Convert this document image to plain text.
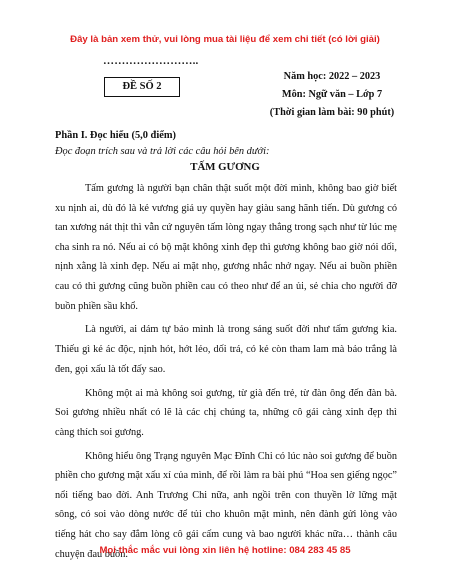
Đây là bản xem thử, vui lòng mua tài liệu để xem chi tiết (có lời giải)
……………………..
ĐỀ SỐ 2
Năm học: 2022 – 2023
Môn: Ngữ văn – Lớp 7
(Thời gian làm bài: 90 phút)
Phần I. Đọc hiểu (5,0 điểm)
Đọc đoạn trích sau và trả lời các câu hỏi bên dưới:
TẤM GƯƠNG

Tấm gương là người bạn chân thật suốt một đời mình, không bao giờ biết xu nịnh ai, dù đó là kẻ vương giả uy quyền hay giàu sang hãnh tiến. Dù gương có tan xương nát thịt thì vẫn cứ nguyên tấm lòng ngay thẳng trong sạch như từ lúc mẹ cha sinh ra nó. Nếu ai có bộ mặt không xinh đẹp thì gương không bao giờ nói dối, nịnh xằng là xinh đẹp. Nếu ai mặt nhọ, gương nhắc nhở ngay. Nếu ai buồn phiền cau có thì gương cũng buồn phiền cau có theo như để an ủi, sẻ chia cho người đỡ buồn phiền sầu khổ.

Là người, ai dám tự bảo mình là trong sáng suốt đời như tấm gương kia. Thiếu gì kẻ ác độc, nịnh hót, hớt lẻo, dối trá, có kẻ còn tham lam mà bảo trắng là đen, gọi xấu là tốt đấy sao.

Không một ai mà không soi gương, từ già đến trẻ, từ đàn ông đến đàn bà. Soi gương nhiều nhất có lẽ là các chị chúng ta, những cô gái càng xinh đẹp thì càng thích soi gương.

Không hiểu ông Trạng nguyên Mạc Đĩnh Chi có lúc nào soi gương để buồn phiền cho gương mặt xấu xí của mình, để rồi làm ra bài phú “Hoa sen giếng ngọc” nổi tiếng bao đời. Anh Trương Chi nữa, anh ngồi trên con thuyền lờ lững mặt sông, có soi vào dòng nước để tủi cho khuôn mặt mình, nên đành gửi lòng vào tiếng hát cho say đắm lòng cô gái cấm cung và bao người khác nữa… thành câu chuyện đau buồn.

Mọi thắc mắc vui lòng xin liên hệ hotline: 084 283 45 85
